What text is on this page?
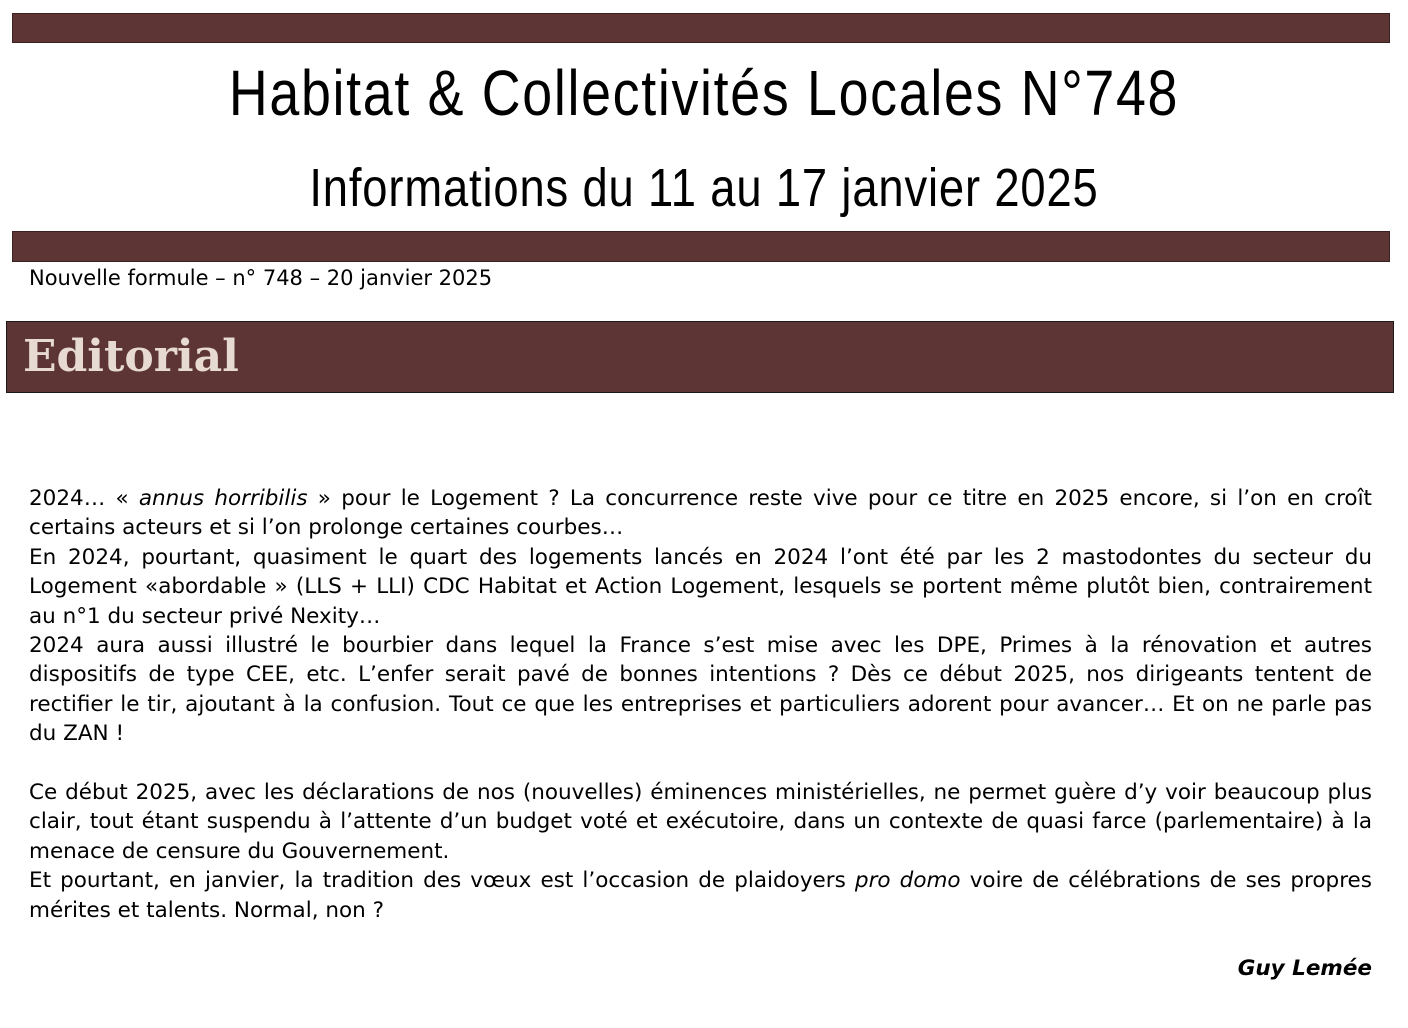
Habitat & Collectivités Locales N°748
Informations du 11 au 17 janvier 2025
Nouvelle formule – n° 748 – 20 janvier 2025
Editorial

2024… « annus horribilis » pour le Logement ? La concurrence reste vive pour ce titre en 2025 encore, si l’on en croît certains acteurs et si l’on prolonge certaines courbes…

En 2024, pourtant, quasiment le quart des logements lancés en 2024 l’ont été par les 2 mastodontes du secteur du Logement «abordable » (LLS + LLI) CDC Habitat et Action Logement, lesquels se portent même plutôt bien, contrairement au n°1 du secteur privé Nexity…

2024 aura aussi illustré le bourbier dans lequel la France s’est mise avec les DPE, Primes à la rénovation et autres dispositifs de type CEE, etc. L’enfer serait pavé de bonnes intentions ? Dès ce début 2025, nos dirigeants tentent de rectifier le tir, ajoutant à la confusion. Tout ce que les entreprises et particuliers adorent pour avancer… Et on ne parle pas du ZAN !

Ce début 2025, avec les déclarations de nos (nouvelles) éminences ministérielles, ne permet guère d’y voir beaucoup plus clair, tout étant suspendu à l’attente d’un budget voté et exécutoire, dans un contexte de quasi farce (parlementaire) à la menace de censure du Gouvernement.

Et pourtant, en janvier, la tradition des vœux est l’occasion de plaidoyers pro domo voire de célébrations de ses propres mérites et talents. Normal, non ?

Guy Lemée
